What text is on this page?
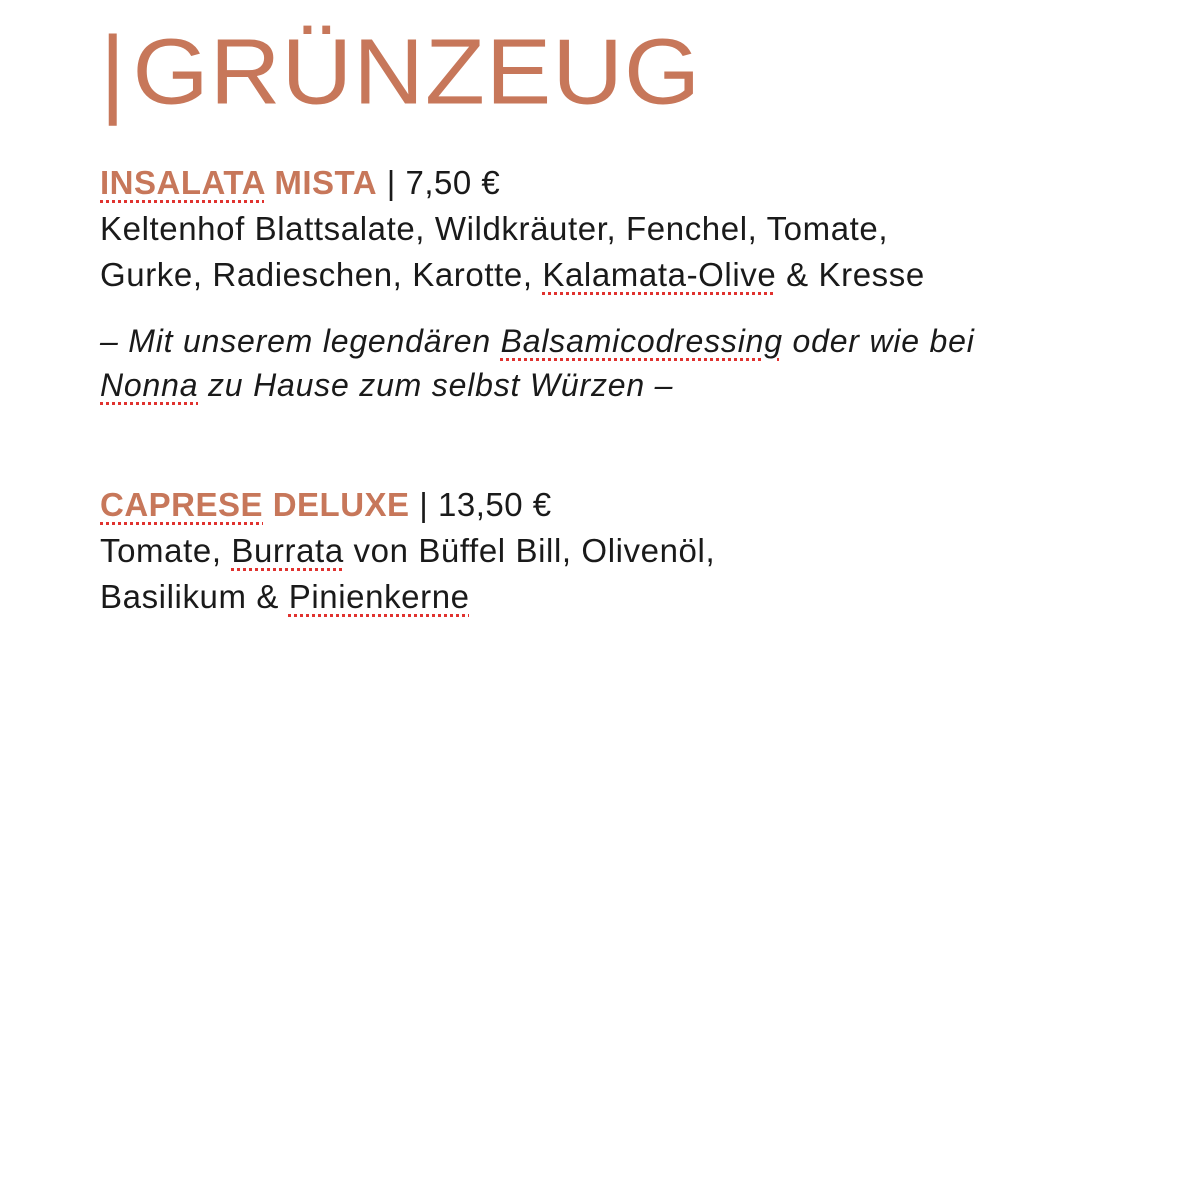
|GRÜNZEUG
INSALATA MISTA | 7,50 €
Keltenhof Blattsalate, Wildkräuter, Fenchel, Tomate,
Gurke, Radieschen, Karotte, Kalamata-Olive & Kresse
– Mit unserem legendären Balsamicodressing oder wie bei
Nonna zu Hause zum selbst Würzen –
CAPRESE DELUXE | 13,50 €
Tomate, Burrata von Büffel Bill, Olivenöl,
Basilikum & Pinienkerne
